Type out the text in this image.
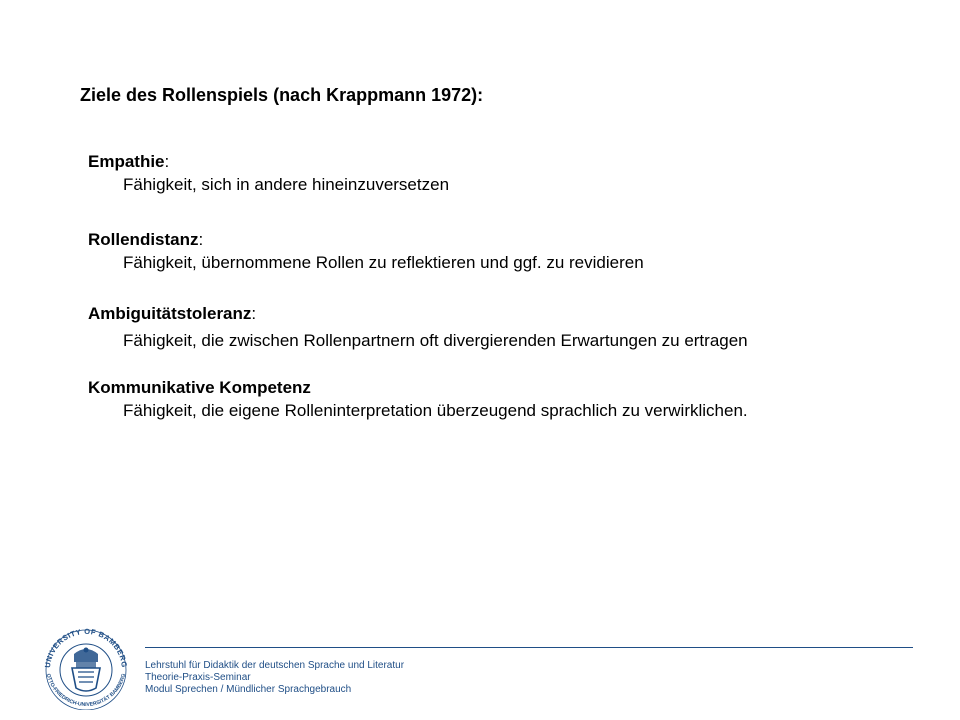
Ziele des Rollenspiels (nach Krappmann 1972):
Empathie:
Fähigkeit, sich in andere hineinzuversetzen
Rollendistanz:
Fähigkeit, übernommene Rollen zu reflektieren und ggf. zu revidieren
Ambiguitätstoleranz:
Fähigkeit, die zwischen Rollenpartnern oft divergierenden Erwartungen zu ertragen
Kommunikative Kompetenz
Fähigkeit, die eigene Rolleninterpretation überzeugend sprachlich zu verwirklichen.
UNIVERSITY OF BAMBERG
OTTO-FRIEDRICH-UNIVERSITÄT BAMBERG
Lehrstuhl für Didaktik der deutschen Sprache und Literatur
Theorie-Praxis-Seminar
Modul Sprechen / Mündlicher Sprachgebrauch
